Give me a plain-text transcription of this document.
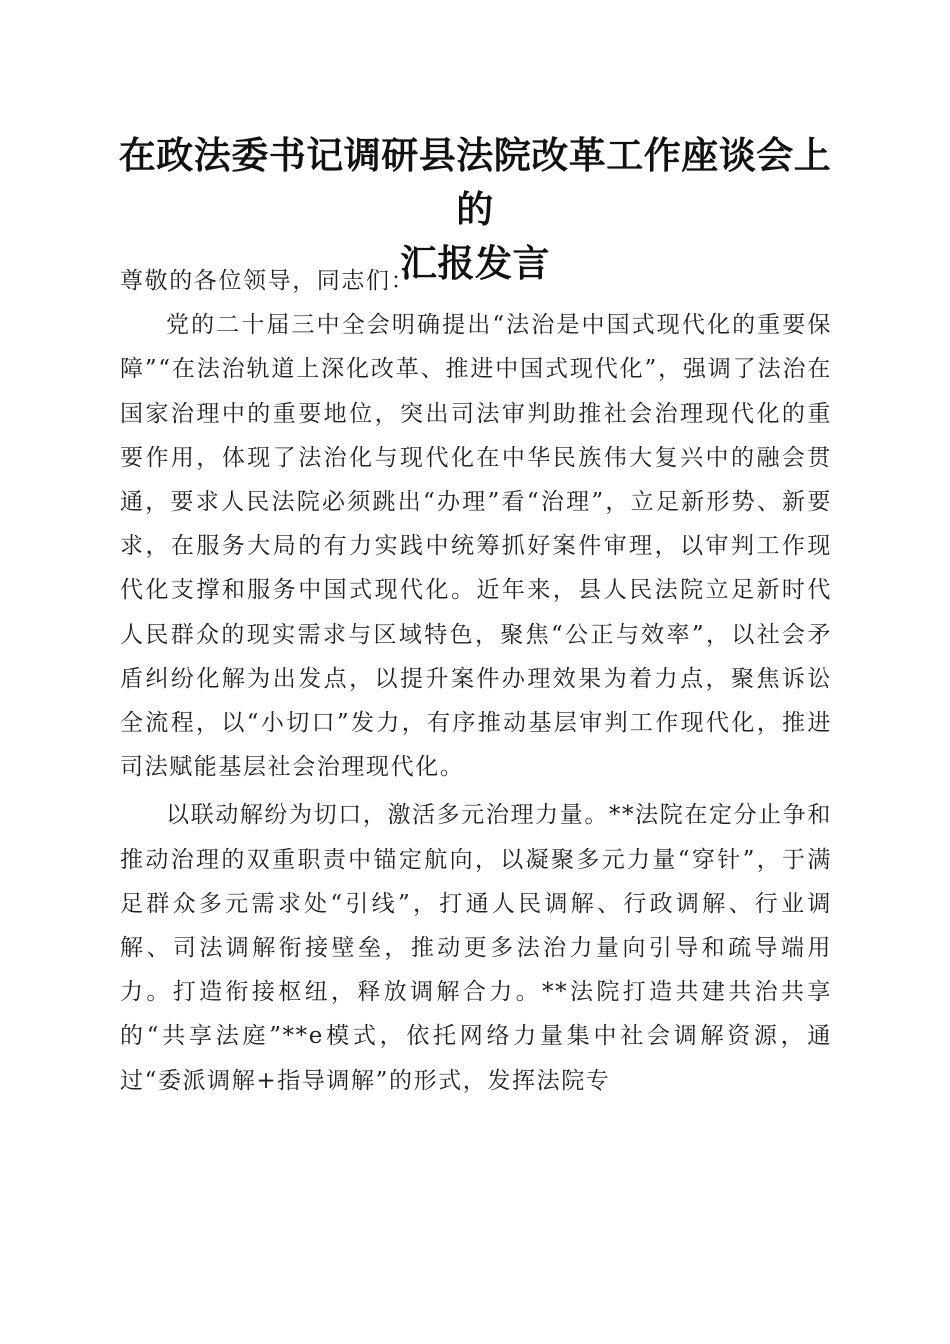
在政法委书记调研县法院改革工作座谈会上的
汇报发言

尊敬的各位领导，同志们：

党的二十届三中全会明确提出“法治是中国式现代化的重要保障”“在法治轨道上深化改革、推进中国式现代化”，强调了法治在国家治理中的重要地位，突出司法审判助推社会治理现代化的重要作用，体现了法治化与现代化在中华民族伟大复兴中的融会贯通，要求人民法院必须跳出“办理”看“治理”，立足新形势、新要求，在服务大局的有力实践中统筹抓好案件审理，以审判工作现代化支撑和服务中国式现代化。近年来，县人民法院立足新时代人民群众的现实需求与区域特色，聚焦“公正与效率”，以社会矛盾纠纷化解为出发点，以提升案件办理效果为着力点，聚焦诉讼全流程，以“小切口”发力，有序推动基层审判工作现代化，推进司法赋能基层社会治理现代化。

以联动解纷为切口，激活多元治理力量。**法院在定分止争和推动治理的双重职责中锚定航向，以凝聚多元力量“穿针”，于满足群众多元需求处“引线”，打通人民调解、行政调解、行业调解、司法调解衔接壁垒，推动更多法治力量向引导和疏导端用力。打造衔接枢纽，释放调解合力。**法院打造共建共治共享的“共享法庭”**e模式，依托网络力量集中社会调解资源，通过“委派调解+指导调解”的形式，发挥法院专
